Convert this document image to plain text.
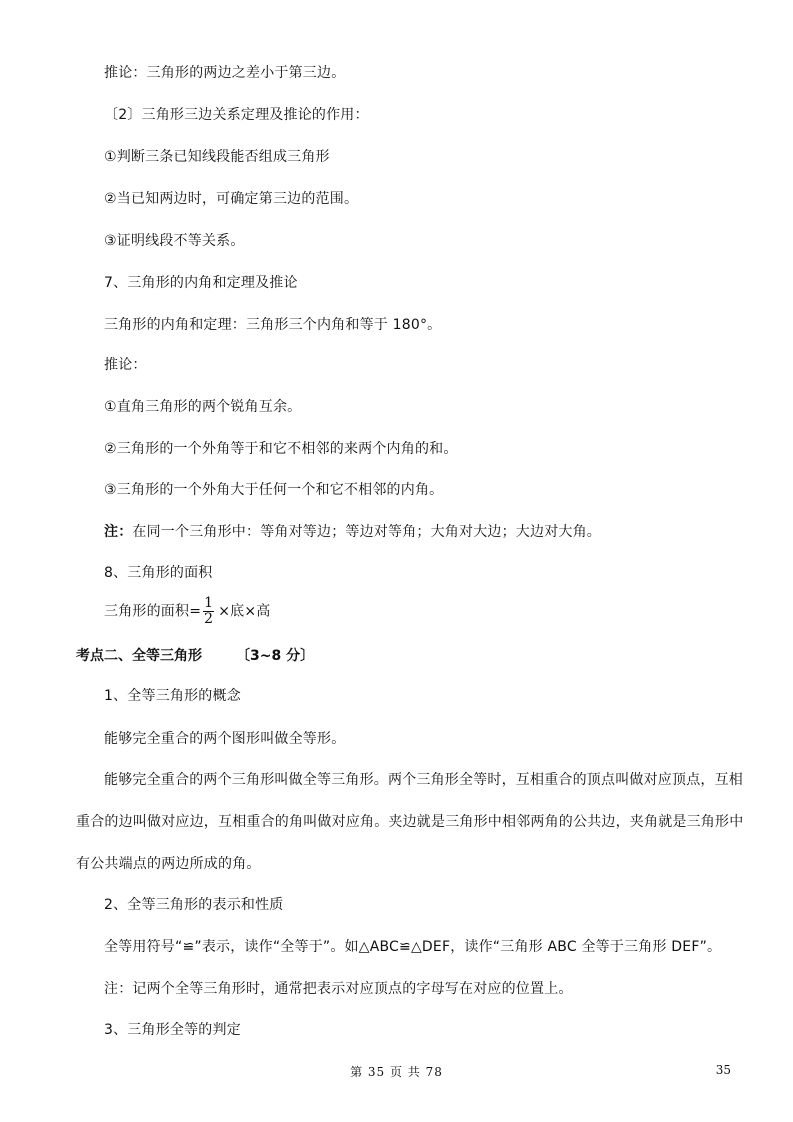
推论：三角形的两边之差小于第三边。
〔2〕三角形三边关系定理及推论的作用：
①判断三条已知线段能否组成三角形
②当已知两边时，可确定第三边的范围。
③证明线段不等关系。
7、三角形的内角和定理及推论
三角形的内角和定理：三角形三个内角和等于 180°。
推论：
①直角三角形的两个锐角互余。
②三角形的一个外角等于和它不相邻的来两个内角的和。
③三角形的一个外角大于任何一个和它不相邻的内角。
注：在同一个三角形中：等角对等边；等边对等角；大角对大边；大边对大角。
8、三角形的面积
三角形的面积= $\frac{1}{2}$ ×底×高
考点二、全等三角形 〔3~8 分〕
1、全等三角形的概念
能够完全重合的两个图形叫做全等形。
能够完全重合的两个三角形叫做全等三角形。两个三角形全等时，互相重合的顶点叫做对应顶点，互相
重合的边叫做对应边，互相重合的角叫做对应角。夹边就是三角形中相邻两角的公共边，夹角就是三角形中
有公共端点的两边所成的角。
2、全等三角形的表示和性质
全等用符号“≌”表示，读作“全等于”。如△ABC≌△DEF，读作“三角形 ABC 全等于三角形 DEF”。
注：记两个全等三角形时，通常把表示对应顶点的字母写在对应的位置上。
3、三角形全等的判定
第 35 页 共 78	35
